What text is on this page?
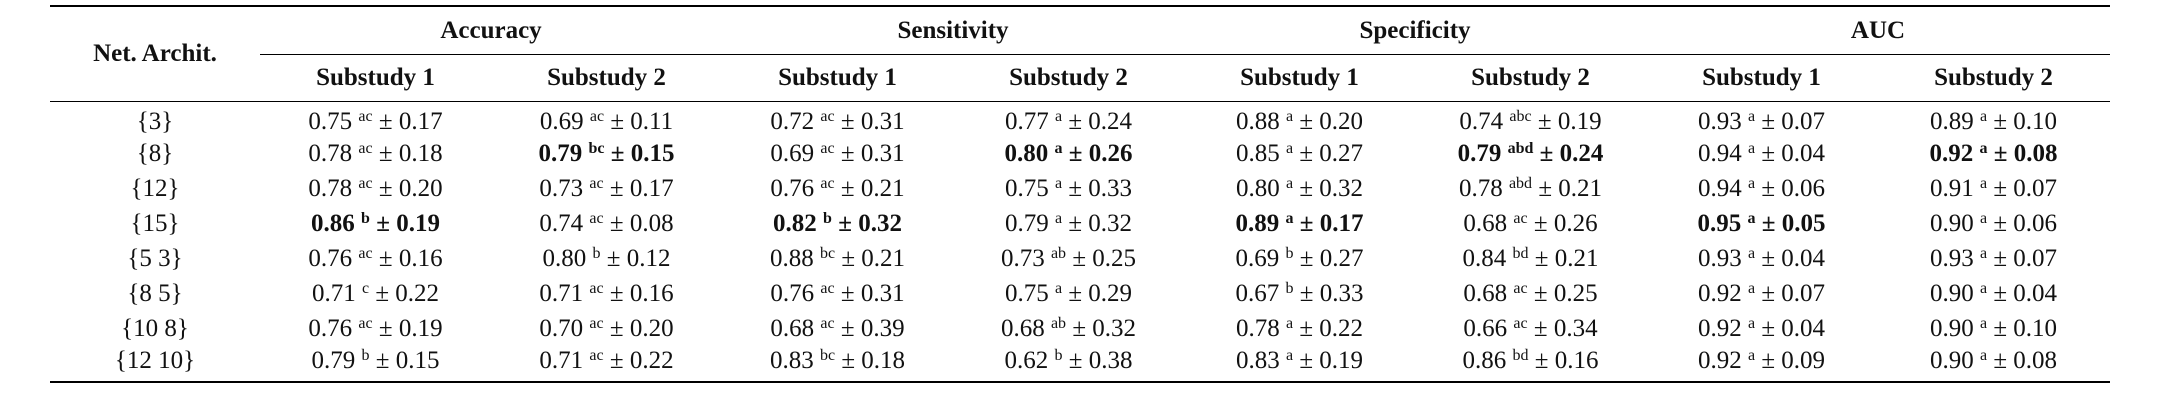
Net. Archit.	Accuracy		Sensitivity		Specificity		AUC	
	Substudy 1	Substudy 2	Substudy 1	Substudy 2	Substudy 1	Substudy 2	Substudy 1	Substudy 2
{3}	0.75 $^{ac}$ ± 0.17	0.69 $^{ac}$ ± 0.11	0.72 $^{ac}$ ± 0.31	0.77 $^a$ ± 0.24	0.88 $^a$ ± 0.20	0.74 $^{abc}$ ± 0.19	0.93 $^a$ ± 0.07	0.89 $^a$ ± 0.10
{8}	0.78 $^{ac}$ ± 0.18	0.79 $^{bc}$ ± 0.15	0.69 $^{ac}$ ± 0.31	0.80 $^a$ ± 0.26	0.85 $^a$ ± 0.27	0.79 $^{abd}$ ± 0.24	0.94 $^a$ ± 0.04	0.92 $^a$ ± 0.08
{12}	0.78 $^{ac}$ ± 0.20	0.73 $^{ac}$ ± 0.17	0.76 $^{ac}$ ± 0.21	0.75 $^a$ ± 0.33	0.80 $^a$ ± 0.32	0.78 $^{abd}$ ± 0.21	0.94 $^a$ ± 0.06	0.91 $^a$ ± 0.07
{15}	0.86 $^b$ ± 0.19	0.74 $^{ac}$ ± 0.08	0.82 $^b$ ± 0.32	0.79 $^a$ ± 0.32	0.89 $^a$ ± 0.17	0.68 $^{ac}$ ± 0.26	0.95 $^a$ ± 0.05	0.90 $^a$ ± 0.06
{5 3}	0.76 $^{ac}$ ± 0.16	0.80 $^b$ ± 0.12	0.88 $^{bc}$ ± 0.21	0.73 $^{ab}$ ± 0.25	0.69 $^b$ ± 0.27	0.84 $^{bd}$ ± 0.21	0.93 $^a$ ± 0.04	0.93 $^a$ ± 0.07
{8 5}	0.71 $^c$ ± 0.22	0.71 $^{ac}$ ± 0.16	0.76 $^{ac}$ ± 0.31	0.75 $^a$ ± 0.29	0.67 $^b$ ± 0.33	0.68 $^{ac}$ ± 0.25	0.92 $^a$ ± 0.07	0.90 $^a$ ± 0.04
{10 8}	0.76 $^{ac}$ ± 0.19	0.70 $^{ac}$ ± 0.20	0.68 $^{ac}$ ± 0.39	0.68 $^{ab}$ ± 0.32	0.78 $^a$ ± 0.22	0.66 $^{ac}$ ± 0.34	0.92 $^a$ ± 0.04	0.90 $^a$ ± 0.10
{12 10}	0.79 $^b$ ± 0.15	0.71 $^{ac}$ ± 0.22	0.83 $^{bc}$ ± 0.18	0.62 $^b$ ± 0.38	0.83 $^a$ ± 0.19	0.86 $^{bd}$ ± 0.16	0.92 $^a$ ± 0.09	0.90 $^a$ ± 0.08
